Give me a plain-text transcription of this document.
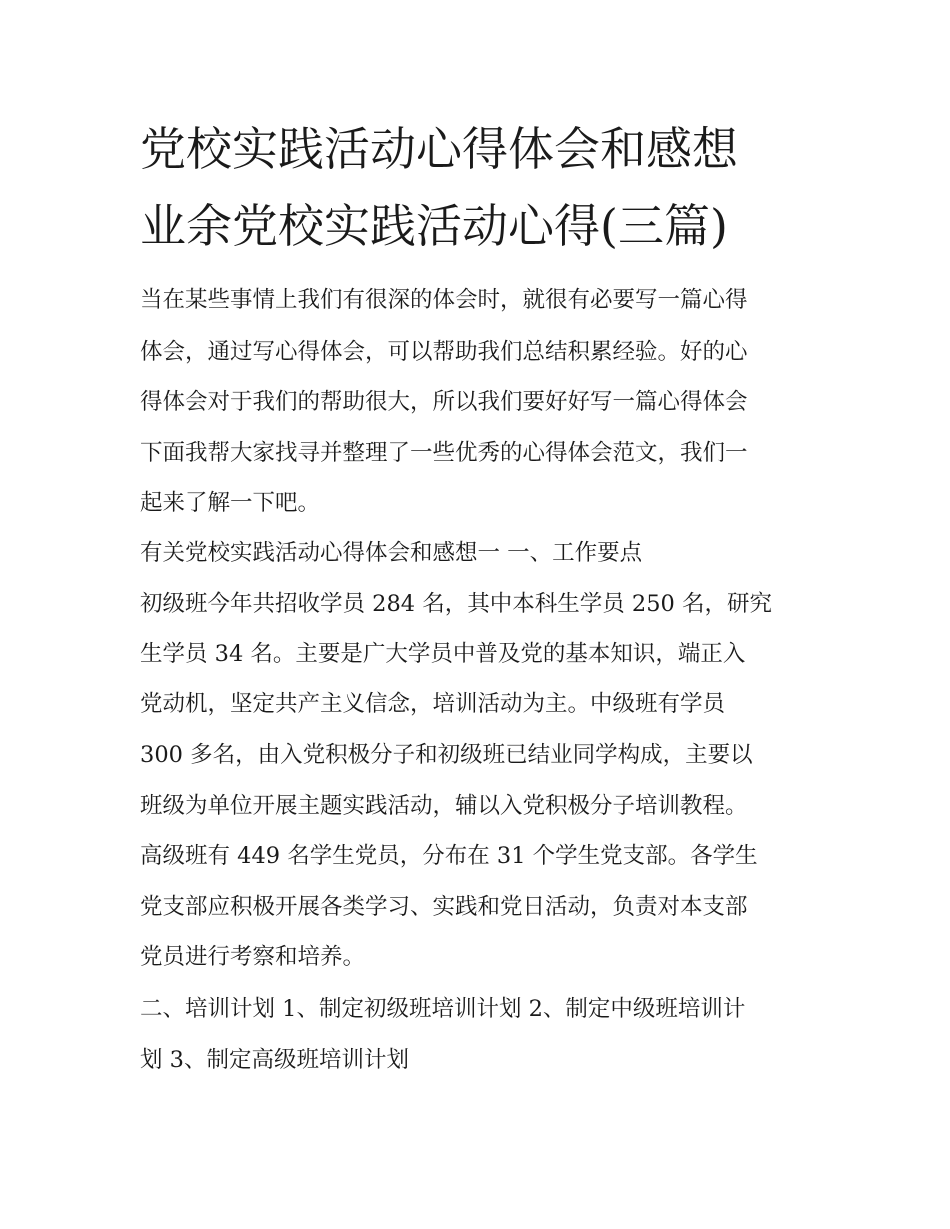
党校实践活动心得体会和感想
业余党校实践活动心得(三篇)

当在某些事情上我们有很深的体会时，就很有必要写一篇心得

体会，通过写心得体会，可以帮助我们总结积累经验。好的心

得体会对于我们的帮助很大，所以我们要好好写一篇心得体会

下面我帮大家找寻并整理了一些优秀的心得体会范文，我们一

起来了解一下吧。

有关党校实践活动心得体会和感想一 一、工作要点

初级班今年共招收学员 284 名，其中本科生学员 250 名，研究

生学员 34 名。主要是广大学员中普及党的基本知识，端正入

党动机，坚定共产主义信念，培训活动为主。中级班有学员

300 多名，由入党积极分子和初级班已结业同学构成，主要以

班级为单位开展主题实践活动，辅以入党积极分子培训教程。

高级班有 449 名学生党员，分布在 31 个学生党支部。各学生

党支部应积极开展各类学习、实践和党日活动，负责对本支部

党员进行考察和培养。

二、培训计划 1、制定初级班培训计划 2、制定中级班培训计

划 3、制定高级班培训计划
